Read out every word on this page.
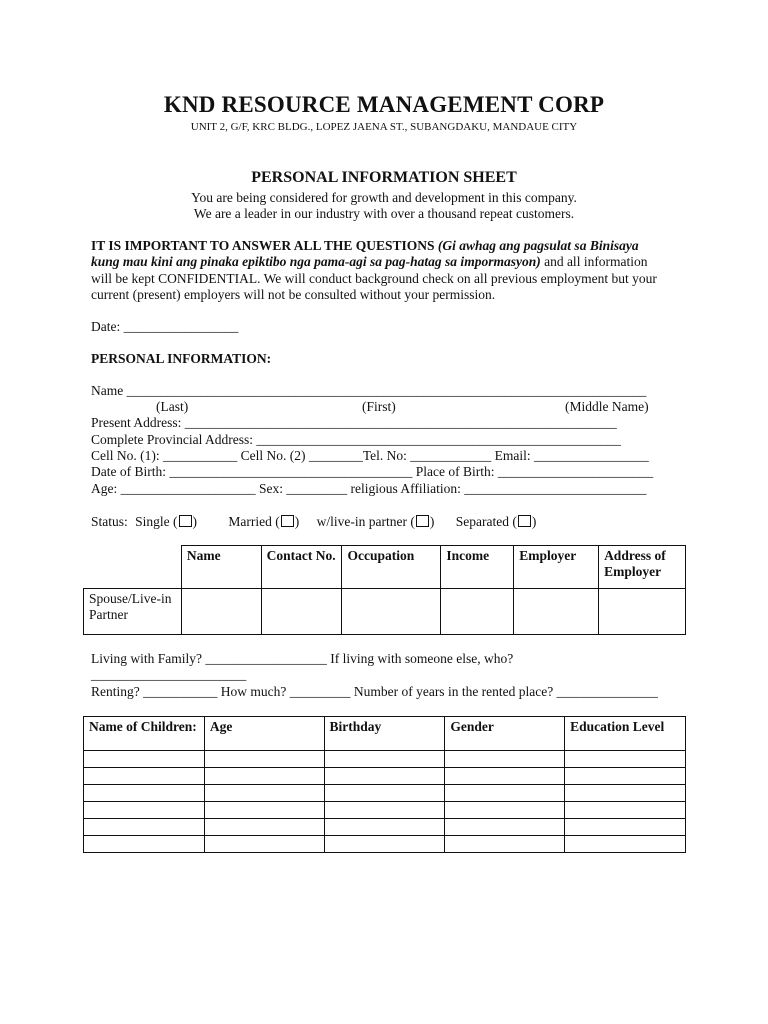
KND RESOURCE MANAGEMENT CORP
UNIT 2, G/F, KRC BLDG., LOPEZ JAENA ST., SUBANGDAKU, MANDAUE CITY
PERSONAL INFORMATION SHEET
You are being considered for growth and development in this company.
We are a leader in our industry with over a thousand repeat customers.
IT IS IMPORTANT TO ANSWER ALL THE QUESTIONS (Gi awhag ang pagsulat sa Binisaya
kung mau kini ang pinaka epiktibo nga pama-agi sa pag-hatag sa impormasyon) and all information
will be kept CONFIDENTIAL. We will conduct background check on all previous employment but your
current (present) employers will not be consulted without your permission.
Date: _________________
PERSONAL INFORMATION:
Name _____________________________________________________________________________
(Last)	(First)	(Middle Name)
Present Address: ________________________________________________________________
Complete Provincial Address: ______________________________________________________
Cell No. (1): ___________ Cell No. (2) ________Tel. No: ____________ Email: _________________
Date of Birth: ____________________________________ Place of Birth: _______________________
Age: ____________________ Sex: _________ religious Affiliation: ___________________________
Status: Single ( ) Married ( ) w/live-in partner ( ) Separated ( )
	Name	Contact No.	Occupation	Income	Employer	Address of Employer
Spouse/Live-in Partner						
Living with Family? __________________ If living with someone else, who?
_______________________
Renting? ___________ How much? _________ Number of years in the rented place? _______________
Name of Children:	Age	Birthday	Gender	Education Level
